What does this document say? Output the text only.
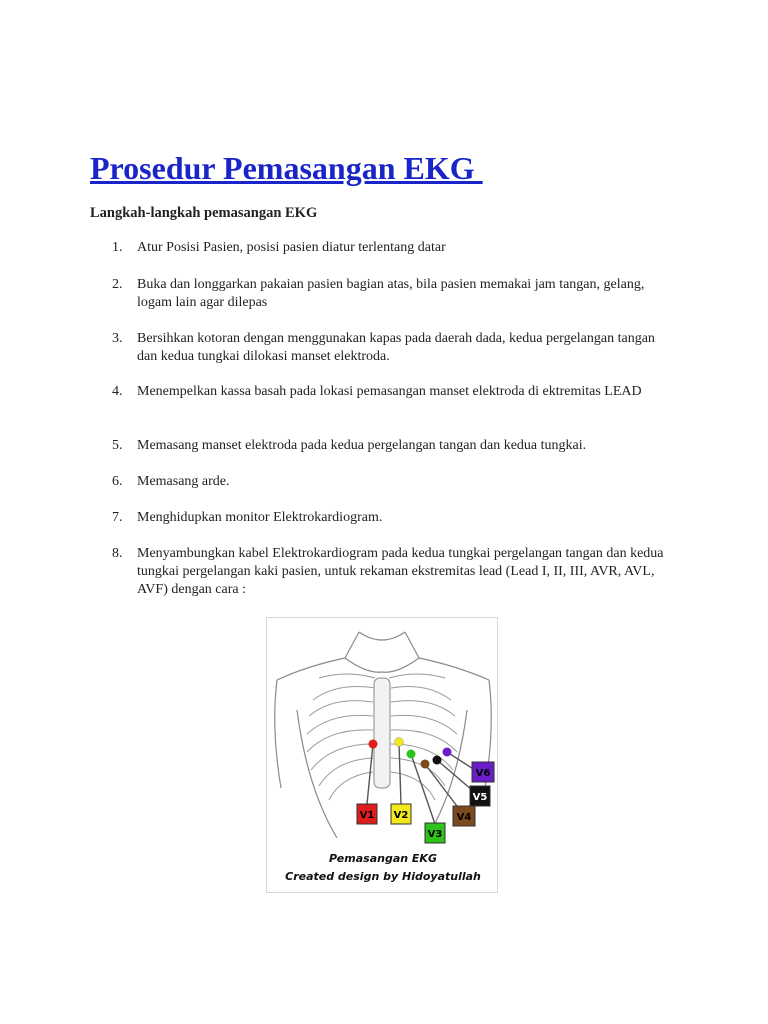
Prosedur Pemasangan EKG

Langkah-langkah pemasangan EKG

1.	Atur Posisi Pasien, posisi pasien diatur terlentang datar
2.	Buka dan longgarkan pakaian pasien bagian atas, bila pasien memakai jam tangan, gelang, logam lain agar dilepas
3.	Bersihkan kotoran dengan menggunakan kapas pada daerah dada, kedua pergelangan tangan dan kedua tungkai dilokasi manset elektroda.
4.	Menempelkan kassa basah pada lokasi pemasangan manset elektroda di ektremitas LEAD
5.	Memasang manset elektroda pada kedua pergelangan tangan dan kedua tungkai.
6.	Memasang arde.
7.	Menghidupkan monitor Elektrokardiogram.
8.	Menyambungkan kabel Elektrokardiogram pada kedua tungkai pergelangan tangan dan kedua tungkai pergelangan kaki pasien, untuk rekaman ekstremitas lead (Lead I, II, III, AVR, AVL, AVF) dengan cara :
V1 V2
V3
V4
V5
V6
Pemasangan EKG
Created design by Hidoyatullah
